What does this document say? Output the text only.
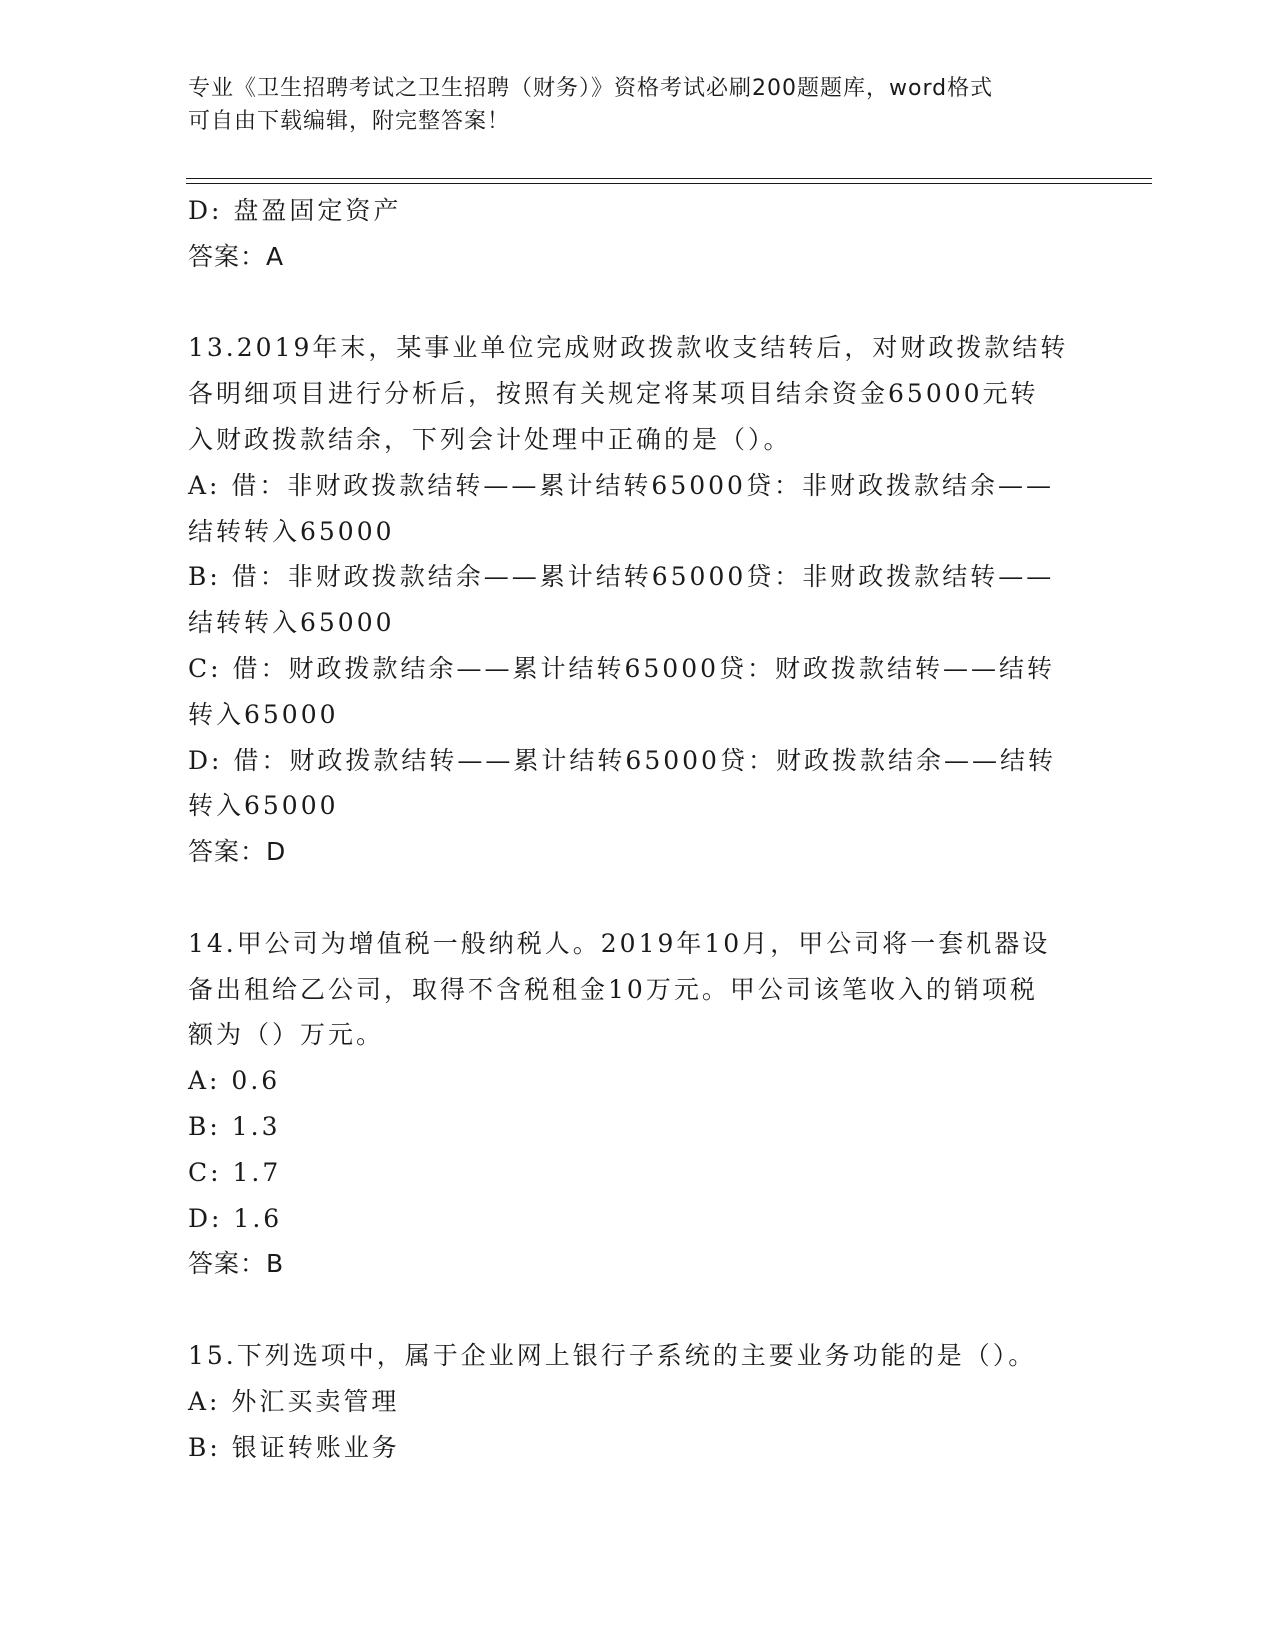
专业《卫生招聘考试之卫生招聘（财务）》资格考试必刷200题题库，word格式
可自由下载编辑，附完整答案！
D: 盘盈固定资产
答案：A
13.2019年末，某事业单位完成财政拨款收支结转后，对财政拨款结转
各明细项目进行分析后，按照有关规定将某项目结余资金65000元转
入财政拨款结余，下列会计处理中正确的是（）。
A: 借：非财政拨款结转——累计结转65000贷：非财政拨款结余——
结转转入65000
B: 借：非财政拨款结余——累计结转65000贷：非财政拨款结转——
结转转入65000
C: 借：财政拨款结余——累计结转65000贷：财政拨款结转——结转
转入65000
D: 借：财政拨款结转——累计结转65000贷：财政拨款结余——结转
转入65000
答案：D
14.甲公司为增值税一般纳税人。2019年10月，甲公司将一套机器设
备出租给乙公司，取得不含税租金10万元。甲公司该笔收入的销项税
额为（）万元。
A: 0.6
B: 1.3
C: 1.7
D: 1.6
答案：B
15.下列选项中，属于企业网上银行子系统的主要业务功能的是（）。
A: 外汇买卖管理
B: 银证转账业务
